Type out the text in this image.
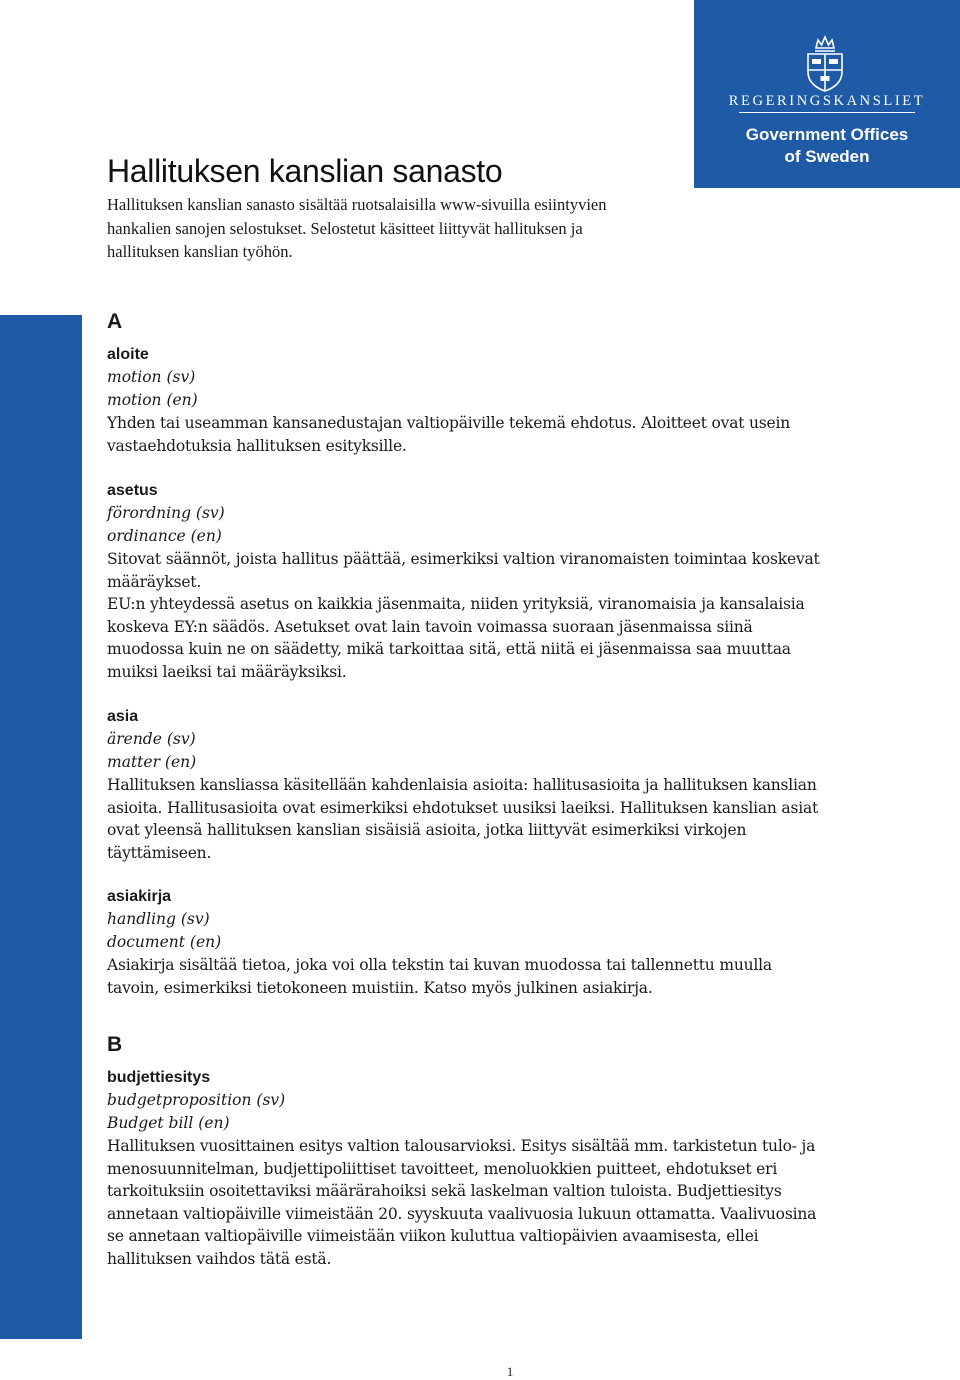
REGERINGSKANSLIET
Government Offices
of Sweden
Hallituksen kanslian sanasto

Hallituksen kanslian sanasto sisältää ruotsalaisilla www-sivuilla esiintyvien hankalien sanojen selostukset. Selostetut käsitteet liittyvät hallituksen ja hallituksen kanslian työhön.

A

aloite

motion (sv)

motion (en)

Yhden tai useamman kansanedustajan valtiopäiville tekemä ehdotus. Aloitteet ovat usein vastaehdotuksia hallituksen esityksille.

asetus

förordning (sv)

ordinance (en)

Sitovat säännöt, joista hallitus päättää, esimerkiksi valtion viranomaisten toimintaa koskevat määräykset.

EU:n yhteydessä asetus on kaikkia jäsenmaita, niiden yrityksiä, viranomaisia ja kansalaisia koskeva EY:n säädös. Asetukset ovat lain tavoin voimassa suoraan jäsenmaissa siinä muodossa kuin ne on säädetty, mikä tarkoittaa sitä, että niitä ei jäsenmaissa saa muuttaa muiksi laeiksi tai määräyksiksi.

asia

ärende (sv)

matter (en)

Hallituksen kansliassa käsitellään kahdenlaisia asioita: hallitusasioita ja hallituksen kanslian asioita. Hallitusasioita ovat esimerkiksi ehdotukset uusiksi laeiksi. Hallituksen kanslian asiat ovat yleensä hallituksen kanslian sisäisiä asioita, jotka liittyvät esimerkiksi virkojen täyttämiseen.

asiakirja

handling (sv)

document (en)

Asiakirja sisältää tietoa, joka voi olla tekstin tai kuvan muodossa tai tallennettu muulla tavoin, esimerkiksi tietokoneen muistiin. Katso myös julkinen asiakirja.

B

budjettiesitys

budgetproposition (sv)

Budget bill (en)

Hallituksen vuosittainen esitys valtion talousarvioksi. Esitys sisältää mm. tarkistetun tulo- ja menosuunnitelman, budjettipoliittiset tavoitteet, menoluokkien puitteet, ehdotukset eri tarkoituksiin osoitettaviksi määrärahoiksi sekä laskelman valtion tuloista. Budjettiesitys annetaan valtiopäiville viimeistään 20. syyskuuta vaalivuosia lukuun ottamatta. Vaalivuosina se annetaan valtiopäiville viimeistään viikon kuluttua valtiopäivien avaamisesta, ellei hallituksen vaihdos tätä estä.

1
